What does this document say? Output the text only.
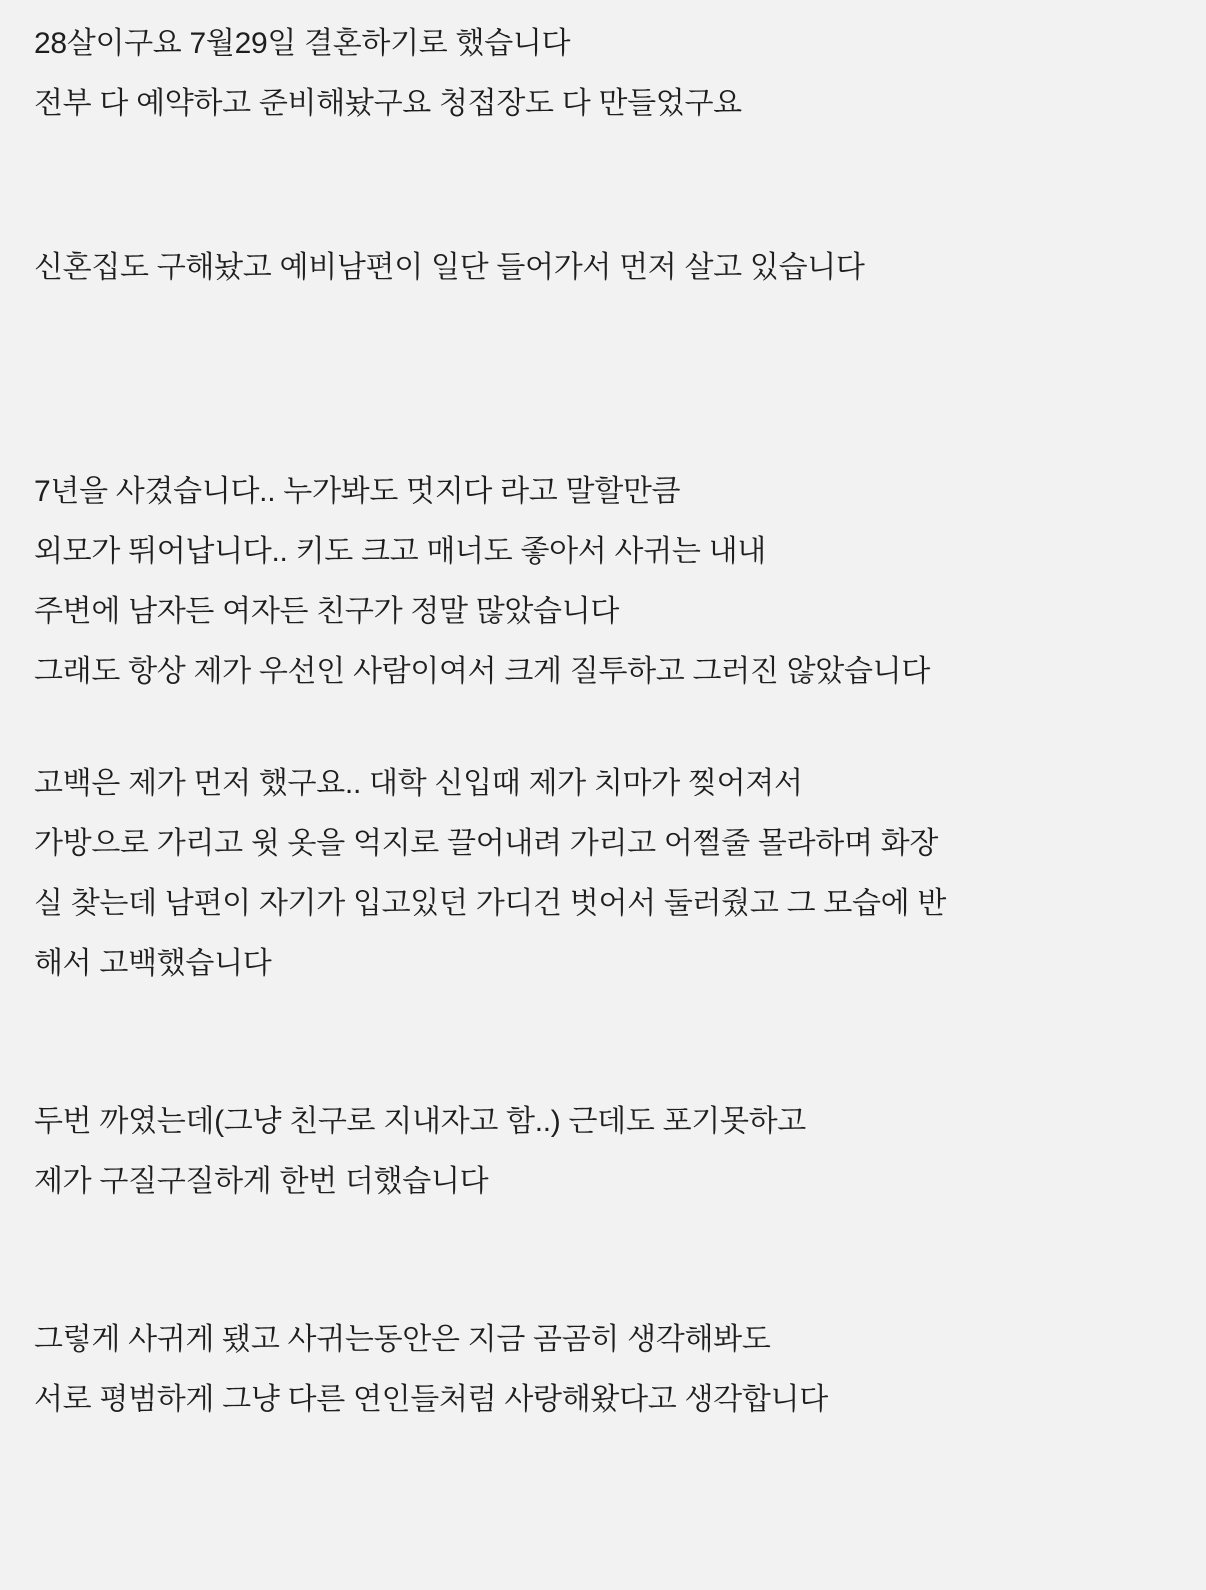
28살이구요 7월29일 결혼하기로 했습니다
전부 다 예약하고 준비해놨구요 청접장도 다 만들었구요
신혼집도 구해놨고 예비남편이 일단 들어가서 먼저 살고 있습니다
7년을 사겼습니다.. 누가봐도 멋지다 라고 말할만큼
외모가 뛰어납니다.. 키도 크고 매너도 좋아서 사귀는 내내
주변에 남자든 여자든 친구가 정말 많았습니다
그래도 항상 제가 우선인 사람이여서 크게 질투하고 그러진 않았습니다
고백은 제가 먼저 했구요.. 대학 신입때 제가 치마가 찢어져서
가방으로 가리고 윗 옷을 억지로 끌어내려 가리고 어쩔줄 몰라하며 화장
실 찾는데 남편이 자기가 입고있던 가디건 벗어서 둘러줬고 그 모습에 반
해서 고백했습니다
두번 까였는데(그냥 친구로 지내자고 함..) 근데도 포기못하고
제가 구질구질하게 한번 더했습니다
그렇게 사귀게 됐고 사귀는동안은 지금 곰곰히 생각해봐도
서로 평범하게 그냥 다른 연인들처럼 사랑해왔다고 생각합니다
